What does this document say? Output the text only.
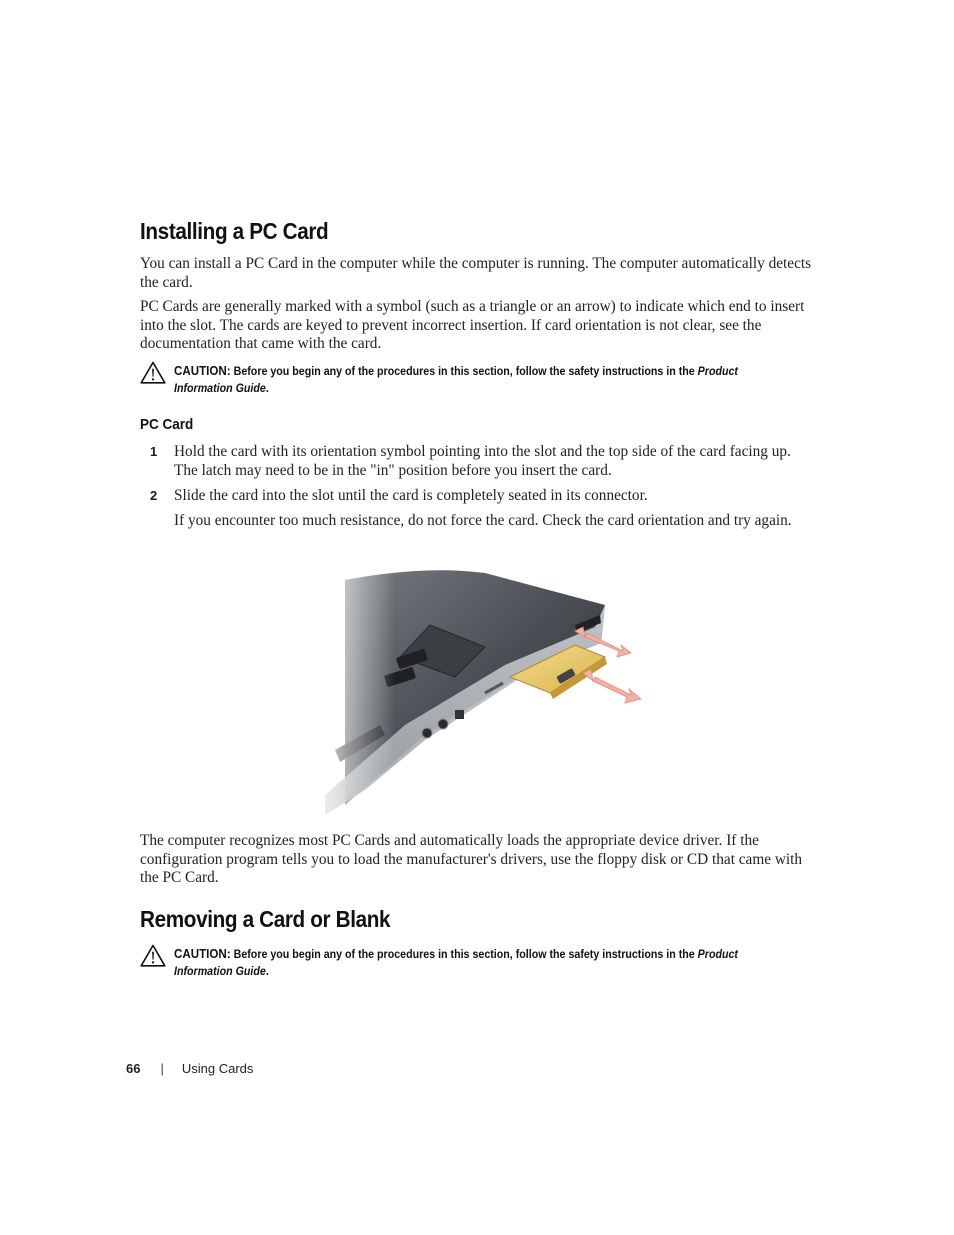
Installing a PC Card

You can install a PC Card in the computer while the computer is running. The computer automatically detects the card.

PC Cards are generally marked with a symbol (such as a triangle or an arrow) to indicate which end to insert into the slot. The cards are keyed to prevent incorrect insertion. If card orientation is not clear, see the documentation that came with the card.

CAUTION: Before you begin any of the procedures in this section, follow the safety instructions in the Product Information Guide.
PC Card
1 Hold the card with its orientation symbol pointing into the slot and the top side of the card facing up. The latch may need to be in the "in" position before you insert the card.
2 Slide the card into the slot until the card is completely seated in its connector.
If you encounter too much resistance, do not force the card. Check the card orientation and try again.

The computer recognizes most PC Cards and automatically loads the appropriate device driver. If the configuration program tells you to load the manufacturer's drivers, use the floppy disk or CD that came with the PC Card.

Removing a Card or Blank
CAUTION: Before you begin any of the procedures in this section, follow the safety instructions in the Product Information Guide.
66 | Using Cards
